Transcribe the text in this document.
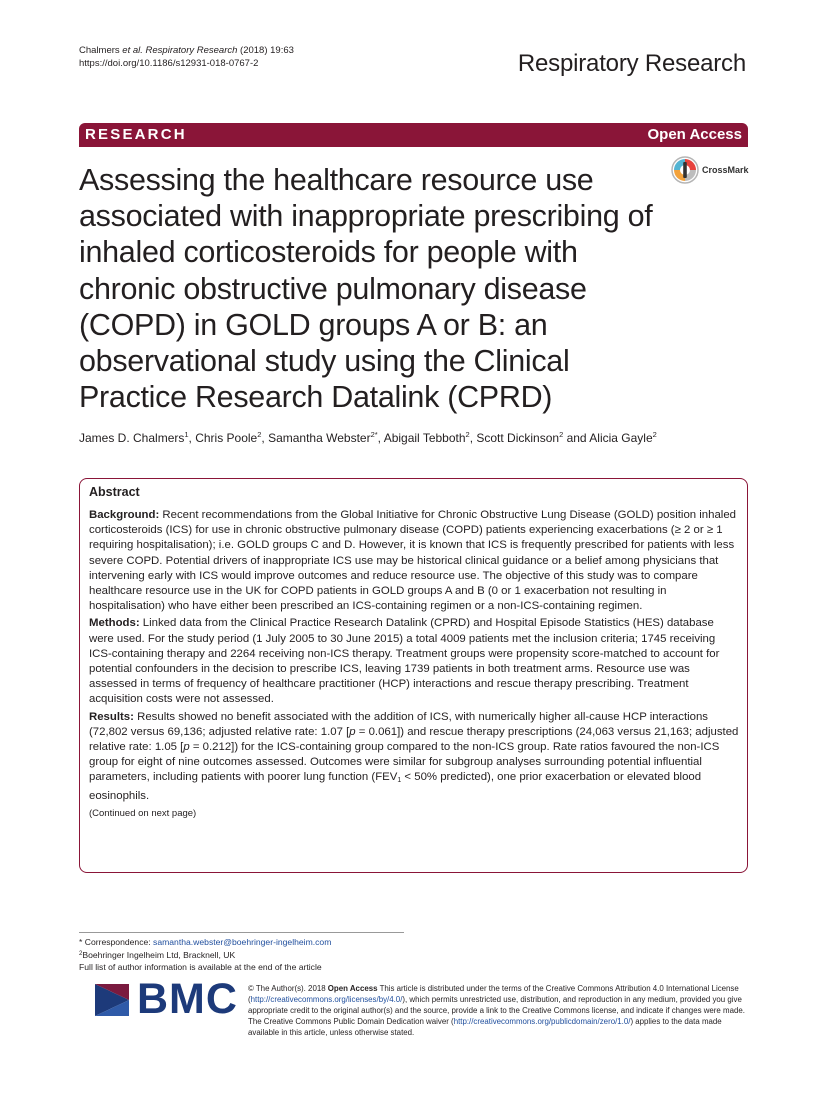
Chalmers et al. Respiratory Research (2018) 19:63
https://doi.org/10.1186/s12931-018-0767-2	Respiratory Research
RESEARCH	Open Access
CrossMark
Assessing the healthcare resource use associated with inappropriate prescribing of inhaled corticosteroids for people with chronic obstructive pulmonary disease (COPD) in GOLD groups A or B: an observational study using the Clinical Practice Research Datalink (CPRD)
James D. Chalmers$^1$, Chris Poole$^2$, Samantha Webster$^{2*}$, Abigail Tebboth$^2$, Scott Dickinson$^2$ and Alicia Gayle$^2$
Abstract

Background: Recent recommendations from the Global Initiative for Chronic Obstructive Lung Disease (GOLD) position inhaled corticosteroids (ICS) for use in chronic obstructive pulmonary disease (COPD) patients experiencing exacerbations (≥ 2 or ≥ 1 requiring hospitalisation); i.e. GOLD groups C and D. However, it is known that ICS is frequently prescribed for patients with less severe COPD. Potential drivers of inappropriate ICS use may be historical clinical guidance or a belief among physicians that intervening early with ICS would improve outcomes and reduce resource use. The objective of this study was to compare healthcare resource use in the UK for COPD patients in GOLD groups A and B (0 or 1 exacerbation not resulting in hospitalisation) who have either been prescribed an ICS-containing regimen or a non-ICS-containing regimen.

Methods: Linked data from the Clinical Practice Research Datalink (CPRD) and Hospital Episode Statistics (HES) database were used. For the study period (1 July 2005 to 30 June 2015) a total 4009 patients met the inclusion criteria; 1745 receiving ICS-containing therapy and 2264 receiving non-ICS therapy. Treatment groups were propensity score-matched to account for potential confounders in the decision to prescribe ICS, leaving 1739 patients in both treatment arms. Resource use was assessed in terms of frequency of healthcare practitioner (HCP) interactions and rescue therapy prescribing. Treatment acquisition costs were not assessed.

Results: Results showed no benefit associated with the addition of ICS, with numerically higher all-cause HCP interactions (72,802 versus 69,136; adjusted relative rate: 1.07 [p = 0.061]) and rescue therapy prescriptions (24,063 versus 21,163; adjusted relative rate: 1.05 [p = 0.212]) for the ICS-containing group compared to the non-ICS group. Rate ratios favoured the non-ICS group for eight of nine outcomes assessed. Outcomes were similar for subgroup analyses surrounding potential influential parameters, including patients with poorer lung function ($FEV_1 < 50\%$ predicted), one prior exacerbation or elevated blood eosinophils.

(Continued on next page)
* Correspondence: samantha.webster@boehringer-ingelheim.com
$^2$Boehringer Ingelheim Ltd, Bracknell, UK
Full list of author information is available at the end of the article
BMC © The Author(s). 2018 Open Access This article is distributed under the terms of the Creative Commons Attribution 4.0 International License (http://creativecommons.org/licenses/by/4.0/), which permits unrestricted use, distribution, and reproduction in any medium, provided you give appropriate credit to the original author(s) and the source, provide a link to the Creative Commons license, and indicate if changes were made. The Creative Commons Public Domain Dedication waiver (http://creativecommons.org/publicdomain/zero/1.0/) applies to the data made available in this article, unless otherwise stated.
